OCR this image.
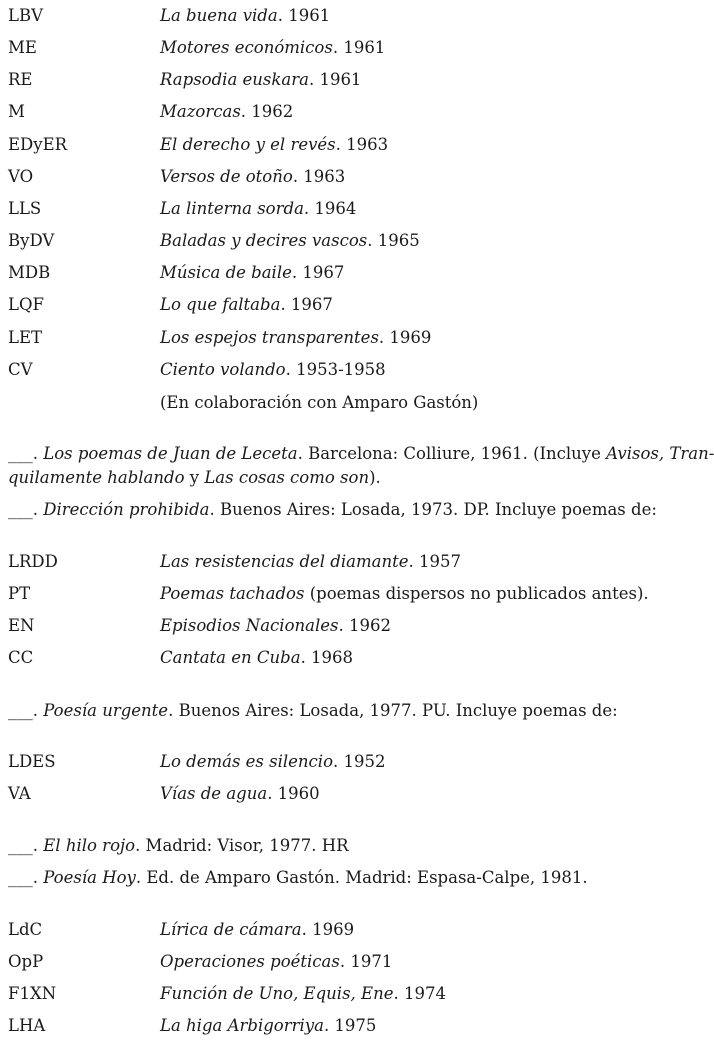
LBV	La buena vida. 1961
ME	Motores económicos. 1961
RE	Rapsodia euskara. 1961
M	Mazorcas. 1962
EDyER	El derecho y el revés. 1963
VO	Versos de otoño. 1963
LLS	La linterna sorda. 1964
ByDV	Baladas y decires vascos. 1965
MDB	Música de baile. 1967
LQF	Lo que faltaba. 1967
LET	Los espejos transparentes. 1969
CV	Ciento volando. 1953-1958
(En colaboración con Amparo Gastón)
___. Los poemas de Juan de Leceta. Barcelona: Colliure, 1961. (Incluye Avisos, Tran-
quilamente hablando y Las cosas como son).
___. Dirección prohibida. Buenos Aires: Losada, 1973. DP. Incluye poemas de:
LRDD	Las resistencias del diamante. 1957
PT	Poemas tachados (poemas dispersos no publicados antes).
EN	Episodios Nacionales. 1962
CC	Cantata en Cuba. 1968
___. Poesía urgente. Buenos Aires: Losada, 1977. PU. Incluye poemas de:
LDES	Lo demás es silencio. 1952
VA	Vías de agua. 1960
___. El hilo rojo. Madrid: Visor, 1977. HR
___. Poesía Hoy. Ed. de Amparo Gastón. Madrid: Espasa-Calpe, 1981.
LdC	Lírica de cámara. 1969
OpP	Operaciones poéticas. 1971
F1XN	Función de Uno, Equis, Ene. 1974
LHA	La higa Arbigorriya. 1975
